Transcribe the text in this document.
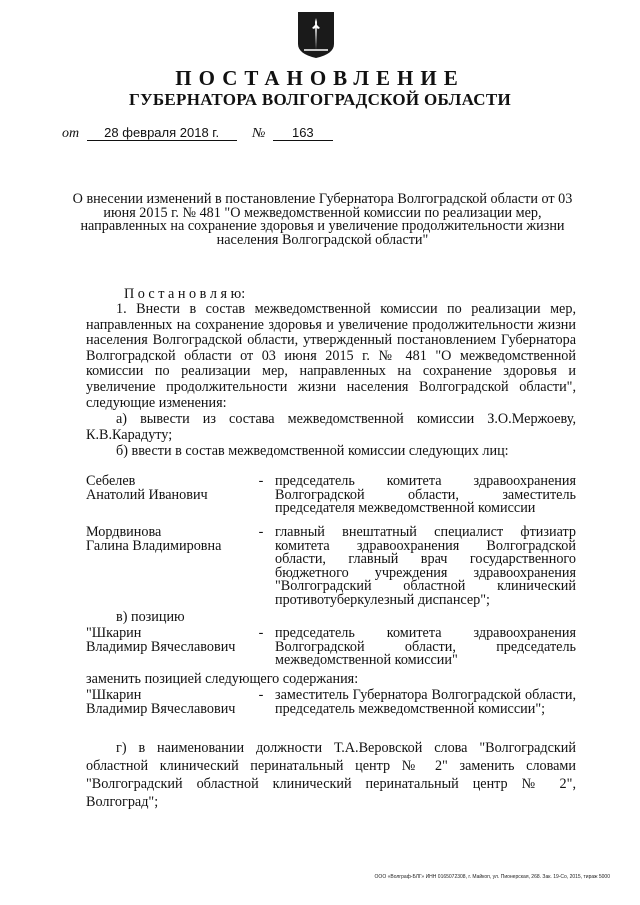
ПОСТАНОВЛЕНИЕ
ГУБЕРНАТОРА ВОЛГОГРАДСКОЙ ОБЛАСТИ
от 28 февраля 2018 г. № 163
О внесении изменений в постановление Губернатора Волгоградской области от 03 июня 2015 г. № 481 "О межведомственной комиссии по реализации мер, направленных на сохранение здоровья и увеличение продолжительности жизни населения Волгоградской области"

П о с т а н о в л я ю:

1. Внести в состав межведомственной комиссии по реализации мер, направленных на сохранение здоровья и увеличение продолжительности жизни населения Волгоградской области, утвержденный постановлением Губернатора Волгоградской области от 03 июня 2015 г. № 481 "О межведомственной комиссии по реализации мер, направленных на сохранение здоровья и увеличение продолжительности жизни населения Волгоградской области", следующие изменения:

а) вывести из состава межведомственной комиссии З.О.Мержоеву, К.В.Карадуту;

б) ввести в состав межведомственной комиссии следующих лиц:

Себелев
Анатолий Иванович
- председатель комитета здравоохранения Волгоградской области, заместитель председателя межведомственной комиссии
Мордвинова
Галина Владимировна
- главный внештатный специалист фтизиатр комитета здравоохранения Волгоградской области, главный врач государственного бюджетного учреждения здравоохранения "Волгоградский областной клинический противотуберкулезный диспансер";

в) позицию

"Шкарин
Владимир Вячеславович
- председатель комитета здравоохранения Волгоградской области, председатель межведомственной комиссии"

заменить позицией следующего содержания:

"Шкарин
Владимир Вячеславович
- заместитель Губернатора Волгоградской области, председатель межведомственной комиссии";

г) в наименовании должности Т.А.Веровской слова "Волгоградский областной клинический перинатальный центр № 2" заменить словами "Волгоградский областной клинический перинатальный центр № 2", Волгоград";

ООО «Волграф-БЛГ» ИНН 0165072308, г. Майкоп, ул. Пионерская, 268. Зак. 19-Со, 2015, тираж 5000
